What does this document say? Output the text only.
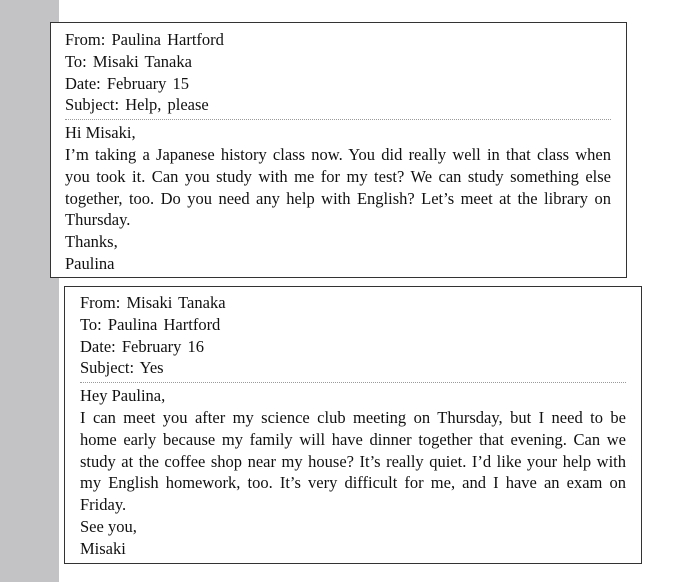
From: Paulina Hartford
To: Misaki Tanaka
Date: February 15
Subject: Help, please

Hi Misaki,

I’m taking a Japanese history class now. You did really well in that class when you took it. Can you study with me for my test? We can study something else together, too. Do you need any help with English? Let’s meet at the library on Thursday.

Thanks,

Paulina

From: Misaki Tanaka
To: Paulina Hartford
Date: February 16
Subject: Yes

Hey Paulina,

I can meet you after my science club meeting on Thursday, but I need to be home early because my family will have dinner together that evening. Can we study at the coffee shop near my house? It’s really quiet. I’d like your help with my English homework, too. It’s very difficult for me, and I have an exam on Friday.

See you,

Misaki
